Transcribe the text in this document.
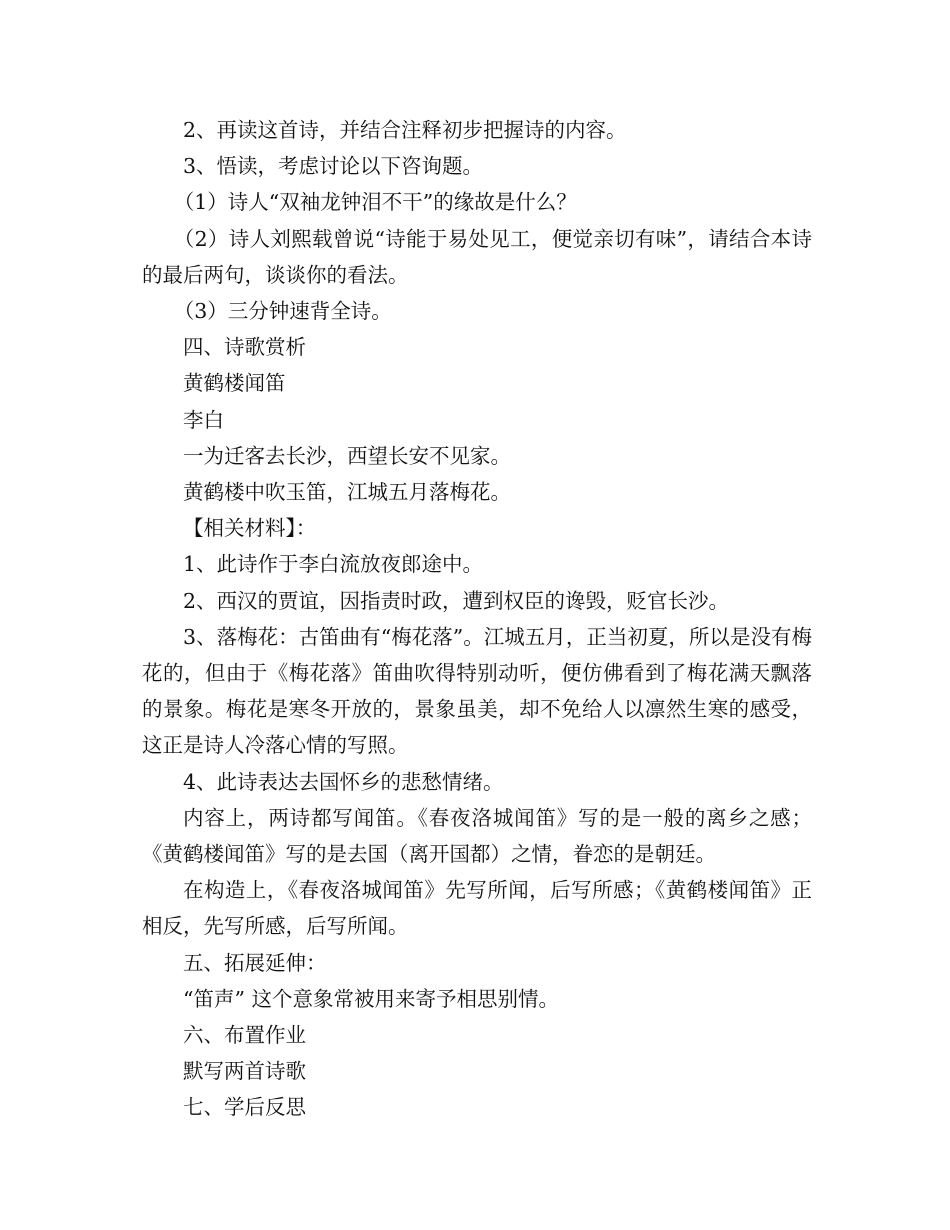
2、再读这首诗，并结合注释初步把握诗的内容。

3、悟读，考虑讨论以下咨询题。

（1）诗人“双袖龙钟泪不干”的缘故是什么？

（2）诗人刘熙载曾说“诗能于易处见工，便觉亲切有味”，请结合本诗的最后两句，谈谈你的看法。

（3）三分钟速背全诗。

四、诗歌赏析

黄鹤楼闻笛

李白

一为迁客去长沙，西望长安不见家。

黄鹤楼中吹玉笛，江城五月落梅花。

【相关材料】：

1、此诗作于李白流放夜郎途中。

2、西汉的贾谊，因指责时政，遭到权臣的谗毁，贬官长沙。

3、落梅花：古笛曲有“梅花落”。江城五月，正当初夏，所以是没有梅花的，但由于《梅花落》笛曲吹得特别动听，便仿佛看到了梅花满天飘落的景象。梅花是寒冬开放的，景象虽美，却不免给人以凛然生寒的感受，这正是诗人冷落心情的写照。

4、此诗表达去国怀乡的悲愁情绪。

内容上，两诗都写闻笛。《春夜洛城闻笛》写的是一般的离乡之感；《黄鹤楼闻笛》写的是去国（离开国都）之情，眷恋的是朝廷。

在构造上，《春夜洛城闻笛》先写所闻，后写所感；《黄鹤楼闻笛》正相反，先写所感，后写所闻。

五、拓展延伸：

“笛声” 这个意象常被用来寄予相思别情。

六、布置作业

默写两首诗歌

七、学后反思
